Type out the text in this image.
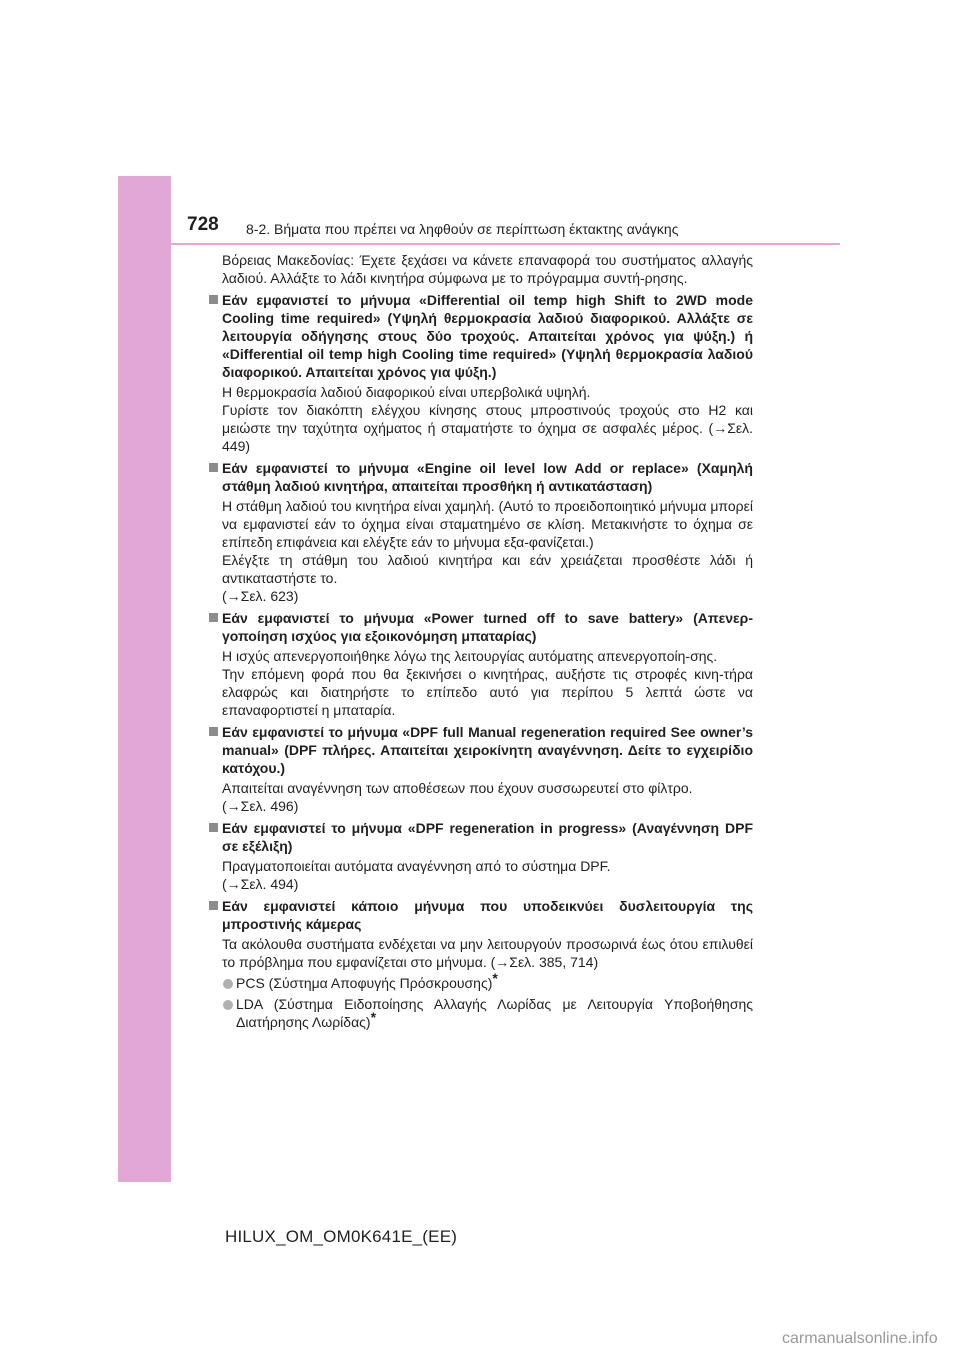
728 8-2. Βήματα που πρέπει να ληφθούν σε περίπτωση έκτακτης ανάγκης

Βόρειας Μακεδονίας: Έχετε ξεχάσει να κάνετε επαναφορά του συστήματος αλλαγής λαδιού. Αλλάξτε το λάδι κινητήρα σύμφωνα με το πρόγραμμα συντή-ρησης.

Εάν εμφανιστεί το μήνυμα «Differential oil temp high Shift to 2WD mode Cooling time required» (Υψηλή θερμοκρασία λαδιού διαφορικού. Αλλάξτε σε λειτουργία οδήγησης στους δύο τροχούς. Απαιτείται χρόνος για ψύξη.) ή «Differential oil temp high Cooling time required» (Υψηλή θερμοκρασία λαδιού διαφορικού. Απαιτείται χρόνος για ψύξη.)

Η θερμοκρασία λαδιού διαφορικού είναι υπερβολικά υψηλή.

Γυρίστε τον διακόπτη ελέγχου κίνησης στους μπροστινούς τροχούς στο H2 και μειώστε την ταχύτητα οχήματος ή σταματήστε το όχημα σε ασφαλές μέρος. (→Σελ. 449)

Εάν εμφανιστεί το μήνυμα «Engine oil level low Add or replace» (Χαμηλή στάθμη λαδιού κινητήρα, απαιτείται προσθήκη ή αντικατάσταση)

Η στάθμη λαδιού του κινητήρα είναι χαμηλή. (Αυτό το προειδοποιητικό μήνυμα μπορεί να εμφανιστεί εάν το όχημα είναι σταματημένο σε κλίση. Μετακινήστε το όχημα σε επίπεδη επιφάνεια και ελέγξτε εάν το μήνυμα εξα-φανίζεται.)

Ελέγξτε τη στάθμη του λαδιού κινητήρα και εάν χρειάζεται προσθέστε λάδι ή αντικαταστήστε το.

(→Σελ. 623)

Εάν εμφανιστεί το μήνυμα «Power turned off to save battery» (Απενερ-γοποίηση ισχύος για εξοικονόμηση μπαταρίας)

Η ισχύς απενεργοποιήθηκε λόγω της λειτουργίας αυτόματης απενεργοποίη-σης.

Την επόμενη φορά που θα ξεκινήσει ο κινητήρας, αυξήστε τις στροφές κινη-τήρα ελαφρώς και διατηρήστε το επίπεδο αυτό για περίπου 5 λεπτά ώστε να επαναφορτιστεί η μπαταρία.

Εάν εμφανιστεί το μήνυμα «DPF full Manual regeneration required See owner’s manual» (DPF πλήρες. Απαιτείται χειροκίνητη αναγέννηση. Δείτε το εγχειρίδιο κατόχου.)

Απαιτείται αναγέννηση των αποθέσεων που έχουν συσσωρευτεί στο φίλτρο.

(→Σελ. 496)

Εάν εμφανιστεί το μήνυμα «DPF regeneration in progress» (Αναγέννηση DPF σε εξέλιξη)

Πραγματοποιείται αυτόματα αναγέννηση από το σύστημα DPF.

(→Σελ. 494)

Εάν εμφανιστεί κάποιο μήνυμα που υποδεικνύει δυσλειτουργία της μπροστινής κάμερας

Τα ακόλουθα συστήματα ενδέχεται να μην λειτουργούν προσωρινά έως ότου επιλυθεί το πρόβλημα που εμφανίζεται στο μήνυμα. (→Σελ. 385, 714)

PCS (Σύστημα Αποφυγής Πρόσκρουσης)*
LDA (Σύστημα Ειδοποίησης Αλλαγής Λωρίδας με Λειτουργία Υποβοήθησης Διατήρησης Λωρίδας)*
HILUX_OM_OM0K641E_(EE)
carmanualsonline.info
